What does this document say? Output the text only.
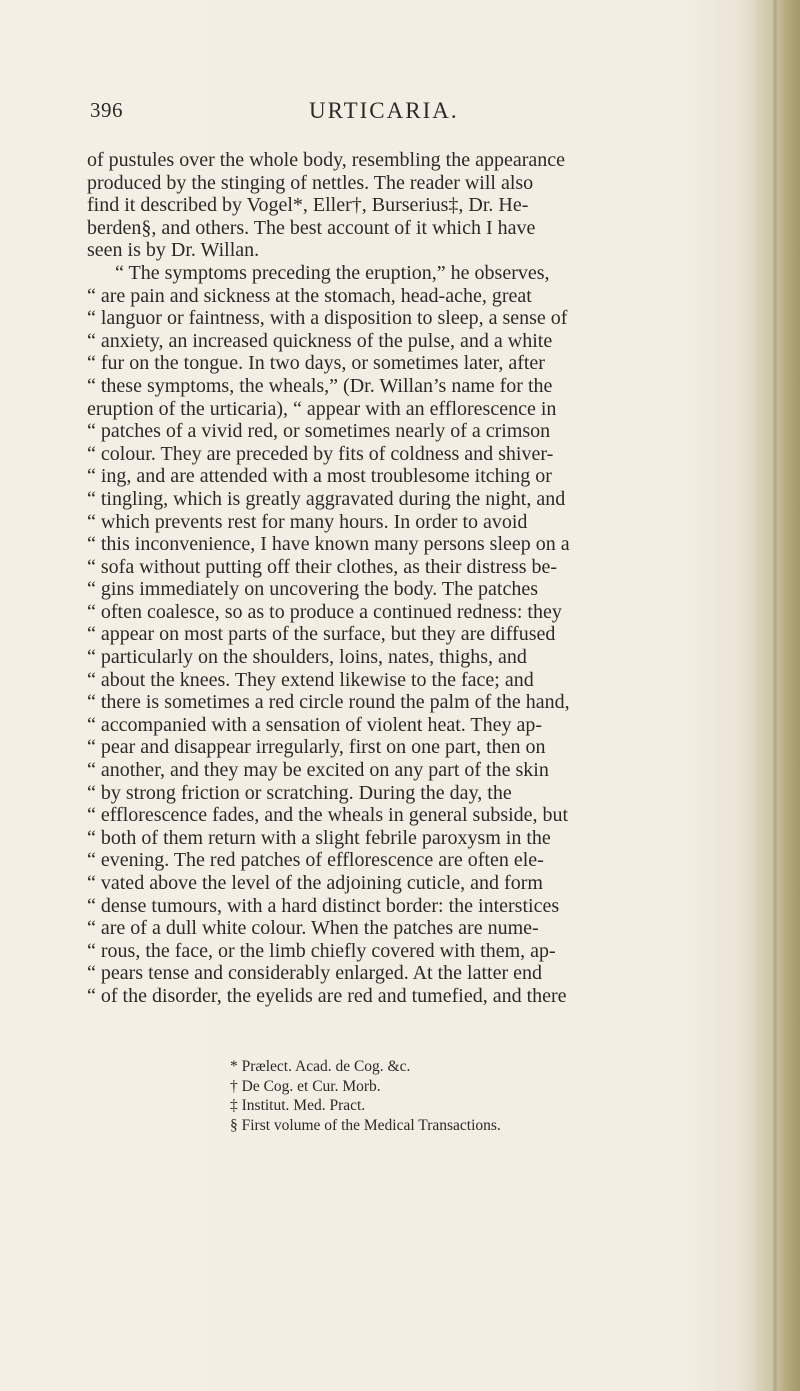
396	URTICARIA.
of pustules over the whole body, resembling the appearance
produced by the stinging of nettles. The reader will also
find it described by Vogel*, Eller†, Burserius‡, Dr. He-
berden§, and others. The best account of it which I have
seen is by Dr. Willan.
“ The symptoms preceding the eruption,” he observes,
“ are pain and sickness at the stomach, head-ache, great
“ languor or faintness, with a disposition to sleep, a sense of
“ anxiety, an increased quickness of the pulse, and a white
“ fur on the tongue. In two days, or sometimes later, after
“ these symptoms, the wheals,” (Dr. Willan’s name for the
eruption of the urticaria), “ appear with an efflorescence in
“ patches of a vivid red, or sometimes nearly of a crimson
“ colour. They are preceded by fits of coldness and shiver-
“ ing, and are attended with a most troublesome itching or
“ tingling, which is greatly aggravated during the night, and
“ which prevents rest for many hours. In order to avoid
“ this inconvenience, I have known many persons sleep on a
“ sofa without putting off their clothes, as their distress be-
“ gins immediately on uncovering the body. The patches
“ often coalesce, so as to produce a continued redness: they
“ appear on most parts of the surface, but they are diffused
“ particularly on the shoulders, loins, nates, thighs, and
“ about the knees. They extend likewise to the face; and
“ there is sometimes a red circle round the palm of the hand,
“ accompanied with a sensation of violent heat. They ap-
“ pear and disappear irregularly, first on one part, then on
“ another, and they may be excited on any part of the skin
“ by strong friction or scratching. During the day, the
“ efflorescence fades, and the wheals in general subside, but
“ both of them return with a slight febrile paroxysm in the
“ evening. The red patches of efflorescence are often ele-
“ vated above the level of the adjoining cuticle, and form
“ dense tumours, with a hard distinct border: the interstices
“ are of a dull white colour. When the patches are nume-
“ rous, the face, or the limb chiefly covered with them, ap-
“ pears tense and considerably enlarged. At the latter end
“ of the disorder, the eyelids are red and tumefied, and there
* Prælect. Acad. de Cog. &c.
† De Cog. et Cur. Morb.
‡ Institut. Med. Pract.
§ First volume of the Medical Transactions.
